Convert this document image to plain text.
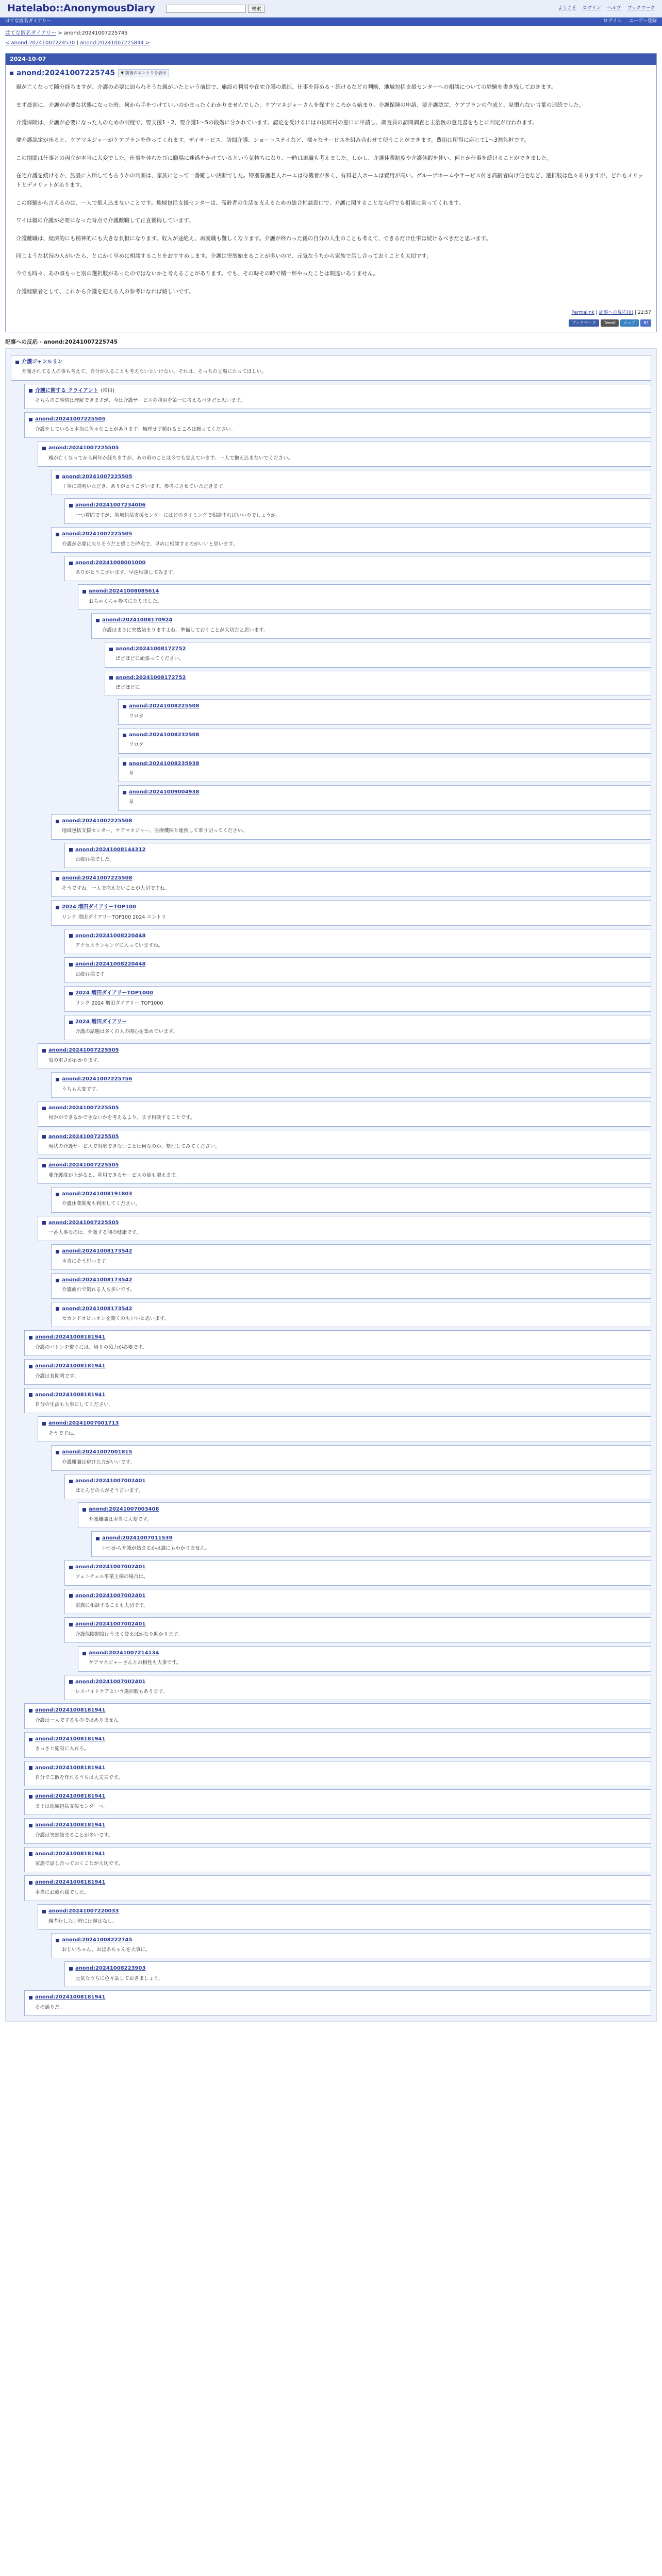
Hatelabo::AnonymousDiary	検索	ようこそ ログイン ヘルプ ブックマーク
はてな匿名ダイアリー	ログイン ユーザー登録
はてな匿名ダイアリー > anond:20241007225745
< anond:20241007224530 | anond:20241007225844 >
2024-10-07
anond:20241007225745	▼ 前後のエントリを表示

親が亡くなって随分経ちますが、介護の必要に迫られそうな親がいたという前提で、施設の利用や在宅介護の選択、仕事を辞める・続けるなどの判断、地域包括支援センターへの相談についての経験を書き残しておきます。

まず最初に、介護が必要な状態になった時、何から手をつけていいのかまったくわかりませんでした。ケアマネジャーさんを探すところから始まり、介護保険の申請、要介護認定、ケアプランの作成と、見慣れない言葉の連続でした。

介護保険は、介護が必要になった人のための制度で、要支援1・2、要介護1〜5の段階に分かれています。認定を受けるには市区町村の窓口に申請し、調査員の訪問調査と主治医の意見書をもとに判定が行われます。

要介護認定が出ると、ケアマネジャーがケアプランを作ってくれます。デイサービス、訪問介護、ショートステイなど、様々なサービスを組み合わせて使うことができます。費用は所得に応じて1〜3割負担です。

この期間は仕事との両立が本当に大変でした。仕事を休むたびに職場に迷惑をかけているという気持ちになり、一時は退職も考えました。しかし、介護休業制度や介護休暇を使い、何とか仕事を続けることができました。

在宅介護を続けるか、施設に入所してもらうかの判断は、家族にとって一番難しい決断でした。特別養護老人ホームは待機者が多く、有料老人ホームは費用が高い。グループホームやサービス付き高齢者向け住宅など、選択肢は色々ありますが、どれもメリットとデメリットがあります。

この経験から言えるのは、一人で抱え込まないことです。地域包括支援センターは、高齢者の生活を支えるための総合相談窓口で、介護に関することなら何でも相談に乗ってくれます。

ワイは親の介護が必要になった時点で介護離職して正直後悔しています。

介護離職は、経済的にも精神的にも大きな負担になります。収入が途絶え、再就職も難しくなります。介護が終わった後の自分の人生のことも考えて、できるだけ仕事は続けるべきだと思います。

同じような状況の人がいたら、とにかく早めに相談することをおすすめします。介護は突然始まることが多いので、元気なうちから家族で話し合っておくことも大切です。

今でも時々、あの頃もっと別の選択肢があったのではないかと考えることがあります。でも、その時その時で精一杯やったことは間違いありません。

介護経験者として、これから介護を迎える人の参考になれば嬉しいです。

Permalink | 記事への反応(0) | 22:57
ブックマーク	Tweet	シェア	B!
記事への反応 - anond:20241007225745
介護ジャンルリン
介護されてる人の事も考えて、自分が入ることも考えないといけない。それは、そっちの立場にたってほしい。
介護に関する クライアント (増田)
そちらのご事情は理解できますが、今は介護サービスの利用を第一に考えるべきだと思います。
anond:20241007225505
介護をしていると本当に色々なことがあります。無理せず頼れるところは頼ってください。
anond:20241007225505
親が亡くなってから何年か経ちますが、あの頃のことは今でも覚えています。一人で抱え込まないでください。
anond:20241007225505
丁寧に説明いただき、ありがとうございます。参考にさせていただきます。
anond:20241007234006
一つ質問ですが、地域包括支援センターにはどのタイミングで相談すればいいのでしょうか。
anond:20241007225505
介護が必要になりそうだと感じた時点で、早めに相談するのがいいと思います。
anond:20241008001000
ありがとうございます。早速相談してみます。
anond:20241008085614
おちゃくちゃ参考になりました。
anond:20241008170924
介護はまさに突然始まりますよね。準備しておくことが大切だと思います。
anond:20241008172752
ほどほどに頑張ってください。
anond:20241008172752
ほどほどに
anond:20241008225508
ワロタ
anond:20241008232508
ワロタ
anond:20241008235938
草
anond:20241009004938
草
anond:20241007225508
地域包括支援センター、ケアマネジャー、医療機関と連携して乗り切ってください。
anond:20241008144312
お疲れ様でした。
anond:20241007225508
そうですね。一人で抱えないことが大切ですね。
2024 増田ダイアリーTOP100
リンク 増田ダイアリーTOP100 2024 エントリ
anond:20241008220448
アクセスランキングに入っていますね。
anond:20241008220448
お疲れ様です
2024 増田ダイアリーTOP1000
リンク 2024 増田ダイアリー TOP1000
2024 増田ダイアリー
介護の話題は多くの人の関心を集めています。
anond:20241007225505
気の重さがわかります。
anond:20241007225756
うちも大変です。
anond:20241007225505
何かができるかできないかを考えるより、まず相談することです。
anond:20241007225505
現状の介護サービスで対応できないことは何なのか、整理してみてください。
anond:20241007225505
要介護度が上がると、利用できるサービスの量も増えます。
anond:20241008191803
介護休業制度も利用してください。
anond:20241007225505
一番大事なのは、介護する側の健康です。
anond:20241008173542
本当にそう思います。
anond:20241008173542
介護疲れで倒れる人も多いです。
anond:20241008173542
セカンドオピニオンを聞くのもいいと思います。
anond:20241008181941
介護のバトンを繋ぐには、周りの協力が必要です。
anond:20241008181941
介護は長期戦です。
anond:20241008181941
自分の生活も大事にしてください。
anond:20241007001713
そうですね。
anond:20241007001815
介護離職は避けた方がいいです。
anond:20241007002401
ほとんどの人がそう言います。
anond:20241007003408
介護離職は本当に大変です。
anond:20241007011539
いつから介護が始まるかは誰にもわかりません。
anond:20241007002401
フェトチェル事業主様の場合は。
anond:20241007002401
家族に相談することも大切です。
anond:20241007002401
介護保険制度はうまく使えばかなり助かります。
anond:20241007214134
ケアマネジャーさんとの相性も大事です。
anond:20241007002401
レスパイトケアという選択肢もあります。
anond:20241008181941
介護は一人でするものではありません。
anond:20241008181941
さっさと施設に入れろ。
anond:20241008181941
自分でご飯を作れるうちは大丈夫です。
anond:20241008181941
まずは地域包括支援センターへ。
anond:20241008181941
介護は突然始まることが多いです。
anond:20241008181941
家族で話し合っておくことが大切です。
anond:20241008181941
本当にお疲れ様でした。
anond:20241007220033
親孝行したい時には親はなし。
anond:20241008222745
おじいちゃん、おばあちゃんを大事に。
anond:20241008223903
元気なうちに色々話しておきましょう。
anond:20241008181941
その通りだ。
